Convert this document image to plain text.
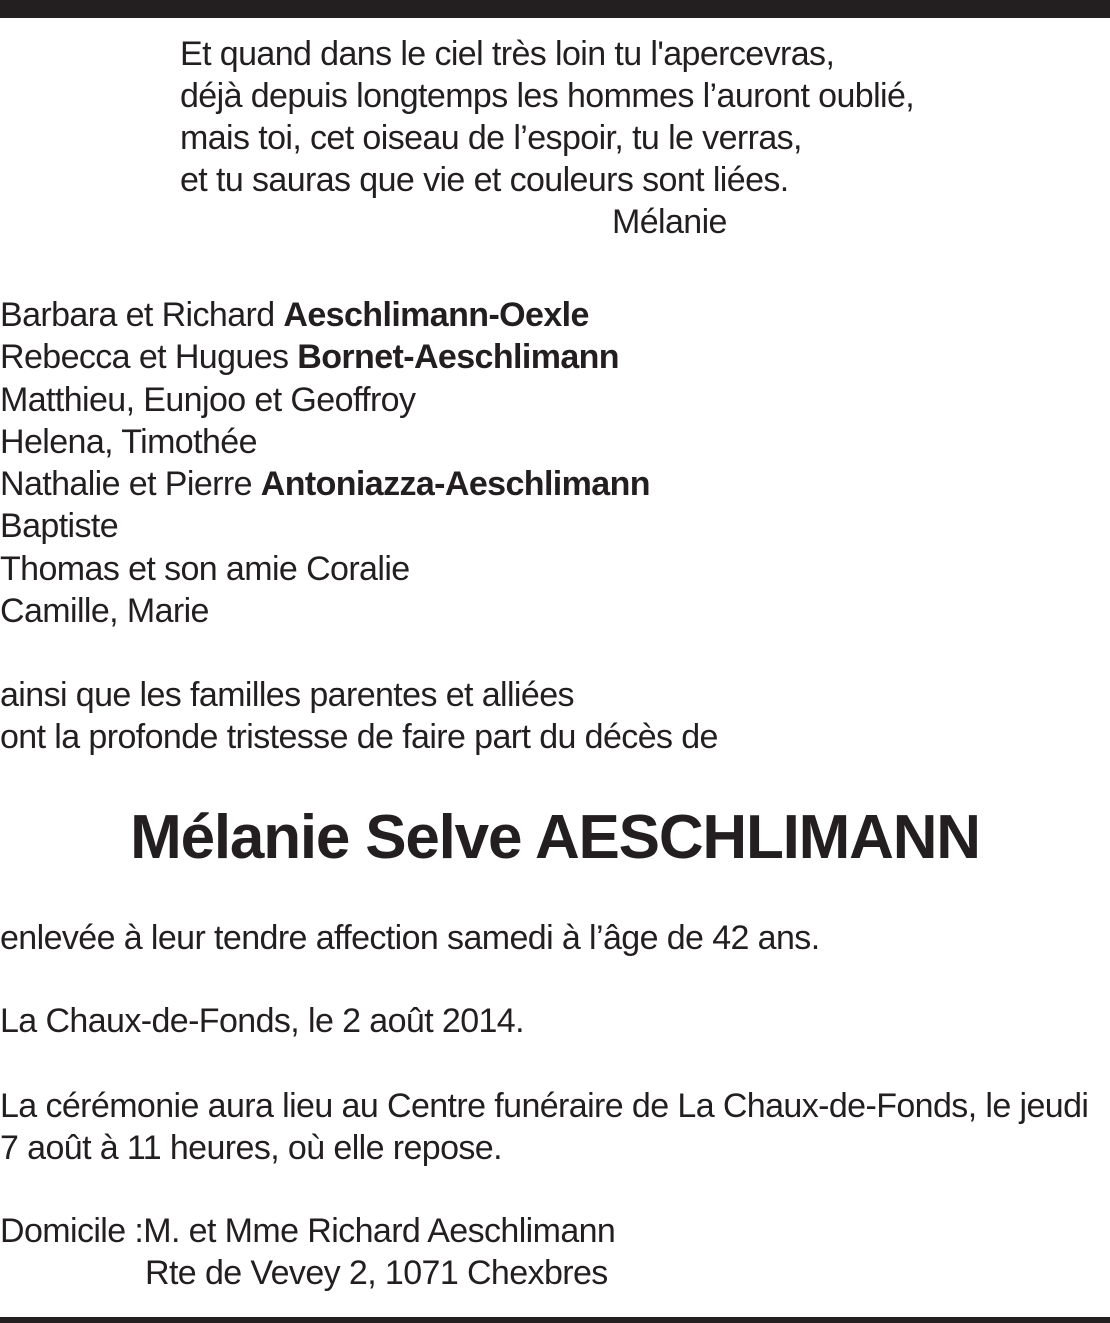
Et quand dans le ciel très loin tu l'apercevras,
déjà depuis longtemps les hommes l’auront oublié,
mais toi, cet oiseau de l’espoir, tu le verras,
et tu sauras que vie et couleurs sont liées.
Mélanie
Barbara et Richard Aeschlimann-Oexle
Rebecca et Hugues Bornet-Aeschlimann
Matthieu, Eunjoo et Geoffroy
Helena, Timothée
Nathalie et Pierre Antoniazza-Aeschlimann
Baptiste
Thomas et son amie Coralie
Camille, Marie
ainsi que les familles parentes et alliées
ont la profonde tristesse de faire part du décès de
Mélanie Selve AESCHLIMANN
enlevée à leur tendre affection samedi à l’âge de 42 ans.
La Chaux-de-Fonds, le 2 août 2014.
La cérémonie aura lieu au Centre funéraire de La Chaux-de-Fonds, le jeudi
7 août à 11 heures, où elle repose.
Domicile :M. et Mme Richard Aeschlimann
Rte de Vevey 2, 1071 Chexbres
